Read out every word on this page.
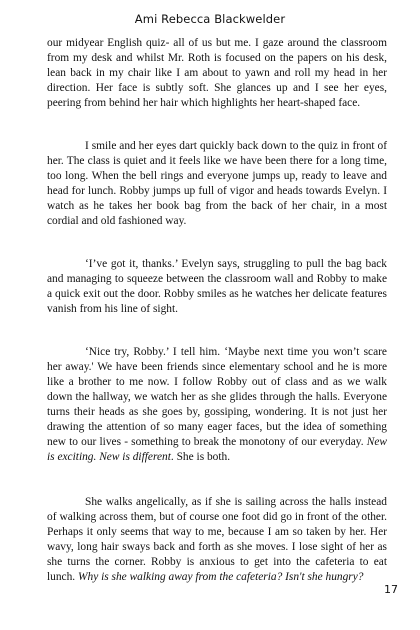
Ami Rebecca Blackwelder

our midyear English quiz- all of us but me. I gaze around the classroom from my desk and whilst Mr. Roth is focused on the papers on his desk, lean back in my chair like I am about to yawn and roll my head in her direction. Her face is subtly soft. She glances up and I see her eyes, peering from behind her hair which highlights her heart-shaped face.

I smile and her eyes dart quickly back down to the quiz in front of her. The class is quiet and it feels like we have been there for a long time, too long. When the bell rings and everyone jumps up, ready to leave and head for lunch. Robby jumps up full of vigor and heads towards Evelyn. I watch as he takes her book bag from the back of her chair, in a most cordial and old fashioned way.

‘I’ve got it, thanks.’ Evelyn says, struggling to pull the bag back and managing to squeeze between the classroom wall and Robby to make a quick exit out the door. Robby smiles as he watches her delicate features vanish from his line of sight.

‘Nice try, Robby.’ I tell him. ‘Maybe next time you won’t scare her away.' We have been friends since elementary school and he is more like a brother to me now. I follow Robby out of class and as we walk down the hallway, we watch her as she glides through the halls. Everyone turns their heads as she goes by, gossiping, wondering. It is not just her drawing the attention of so many eager faces, but the idea of something new to our lives - something to break the monotony of our everyday. New is exciting. New is different. She is both.

She walks angelically, as if she is sailing across the halls instead of walking across them, but of course one foot did go in front of the other. Perhaps it only seems that way to me, because I am so taken by her. Her wavy, long hair sways back and forth as she moves. I lose sight of her as she turns the corner. Robby is anxious to get into the cafeteria to eat lunch. Why is she walking away from the cafeteria? Isn't she hungry?

17
